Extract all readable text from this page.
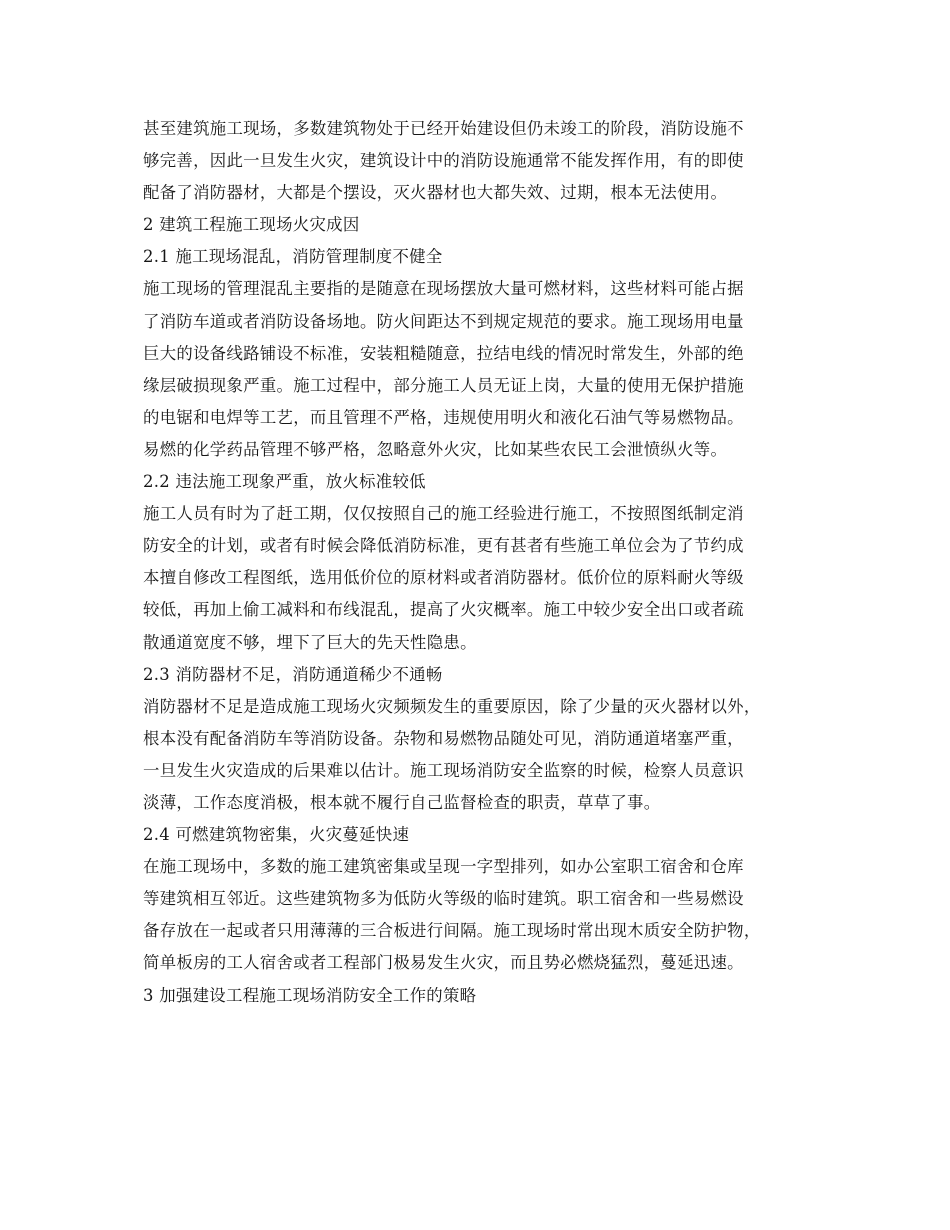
甚至建筑施工现场，多数建筑物处于已经开始建设但仍未竣工的阶段，消防设施不
够完善，因此一旦发生火灾，建筑设计中的消防设施通常不能发挥作用，有的即使
配备了消防器材，大都是个摆设，灭火器材也大都失效、过期，根本无法使用。
2 建筑工程施工现场火灾成因
2.1 施工现场混乱，消防管理制度不健全
施工现场的管理混乱主要指的是随意在现场摆放大量可燃材料，这些材料可能占据
了消防车道或者消防设备场地。防火间距达不到规定规范的要求。施工现场用电量
巨大的设备线路铺设不标准，安装粗糙随意，拉结电线的情况时常发生，外部的绝
缘层破损现象严重。施工过程中，部分施工人员无证上岗，大量的使用无保护措施
的电锯和电焊等工艺，而且管理不严格，违规使用明火和液化石油气等易燃物品。
易燃的化学药品管理不够严格，忽略意外火灾，比如某些农民工会泄愤纵火等。
2.2 违法施工现象严重，放火标准较低
施工人员有时为了赶工期，仅仅按照自己的施工经验进行施工，不按照图纸制定消
防安全的计划，或者有时候会降低消防标准，更有甚者有些施工单位会为了节约成
本擅自修改工程图纸，选用低价位的原材料或者消防器材。低价位的原料耐火等级
较低，再加上偷工减料和布线混乱，提高了火灾概率。施工中较少安全出口或者疏
散通道宽度不够，埋下了巨大的先天性隐患。
2.3 消防器材不足，消防通道稀少不通畅
消防器材不足是造成施工现场火灾频频发生的重要原因，除了少量的灭火器材以外，
根本没有配备消防车等消防设备。杂物和易燃物品随处可见，消防通道堵塞严重，
一旦发生火灾造成的后果难以估计。施工现场消防安全监察的时候，检察人员意识
淡薄，工作态度消极，根本就不履行自己监督检查的职责，草草了事。
2.4 可燃建筑物密集，火灾蔓延快速
在施工现场中，多数的施工建筑密集或呈现一字型排列，如办公室职工宿舍和仓库
等建筑相互邻近。这些建筑物多为低防火等级的临时建筑。职工宿舍和一些易燃设
备存放在一起或者只用薄薄的三合板进行间隔。施工现场时常出现木质安全防护物，
简单板房的工人宿舍或者工程部门极易发生火灾，而且势必燃烧猛烈，蔓延迅速。
3 加强建设工程施工现场消防安全工作的策略
